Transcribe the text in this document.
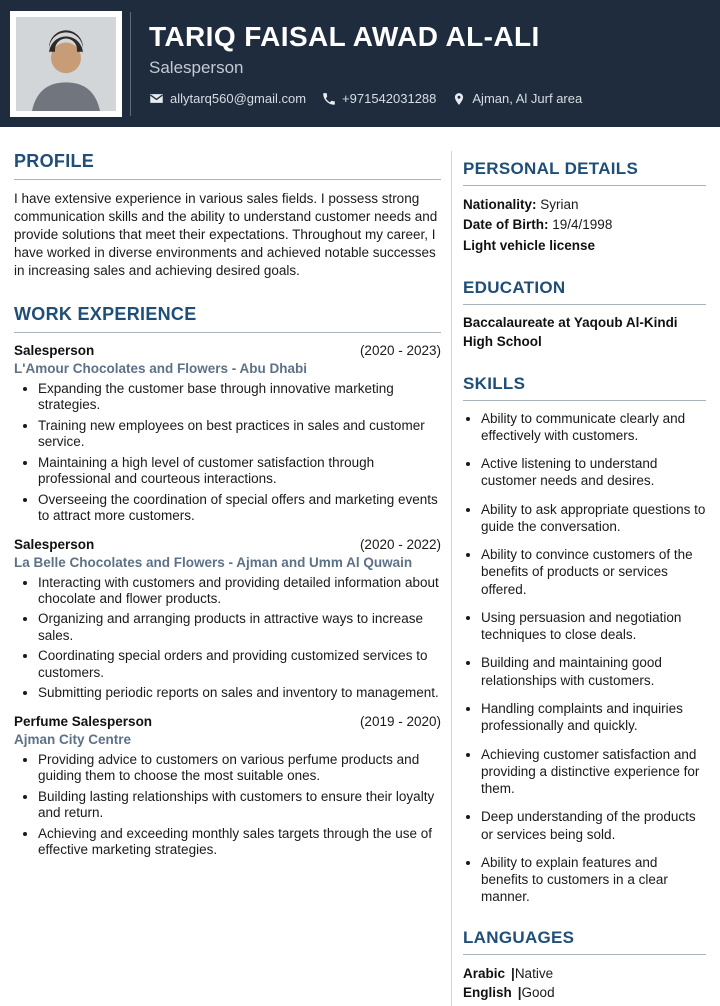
TARIQ FAISAL AWAD AL-ALI
Salesperson
allytarq560@gmail.com	+971542031288	Ajman, Al Jurf area
PROFILE

I have extensive experience in various sales fields. I possess strong communication skills and the ability to understand customer needs and provide solutions that meet their expectations. Throughout my career, I have worked in diverse environments and achieved notable successes in increasing sales and achieving desired goals.

WORK EXPERIENCE
Salesperson	(2020 - 2023)
L'Amour Chocolates and Flowers - Abu Dhabi
• Expanding the customer base through innovative marketing strategies.
• Training new employees on best practices in sales and customer service.
• Maintaining a high level of customer satisfaction through professional and courteous interactions.
• Overseeing the coordination of special offers and marketing events to attract more customers.
Salesperson	(2020 - 2022)
La Belle Chocolates and Flowers - Ajman and Umm Al Quwain
• Interacting with customers and providing detailed information about chocolate and flower products.
• Organizing and arranging products in attractive ways to increase sales.
• Coordinating special orders and providing customized services to customers.
• Submitting periodic reports on sales and inventory to management.
Perfume Salesperson	(2019 - 2020)
Ajman City Centre
• Providing advice to customers on various perfume products and guiding them to choose the most suitable ones.
• Building lasting relationships with customers to ensure their loyalty and return.
• Achieving and exceeding monthly sales targets through the use of effective marketing strategies.
PERSONAL DETAILS
Nationality: Syrian
Date of Birth: 19/4/1998
Light vehicle license
EDUCATION
Baccalaureate at Yaqoub Al-Kindi High School
SKILLS
• Ability to communicate clearly and effectively with customers.
• Active listening to understand customer needs and desires.
• Ability to ask appropriate questions to guide the conversation.
• Ability to convince customers of the benefits of products or services offered.
• Using persuasion and negotiation techniques to close deals.
• Building and maintaining good relationships with customers.
• Handling complaints and inquiries professionally and quickly.
• Achieving customer satisfaction and providing a distinctive experience for them.
• Deep understanding of the products or services being sold.
• Ability to explain features and benefits to customers in a clear manner.
LANGUAGES
Arabic |Native
English |Good
